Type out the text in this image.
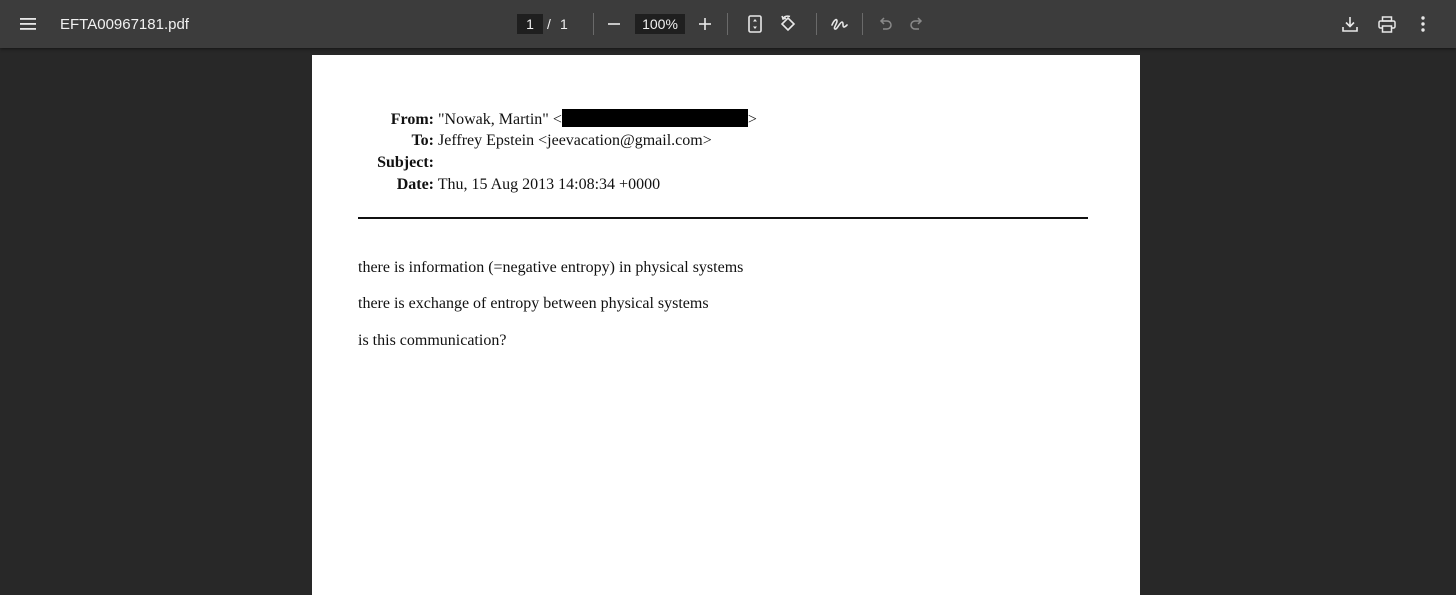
EFTA00967181.pdf	1 / 1	100%
From: "Nowak, Martin" <	>
To: Jeffrey Epstein <jeevacation@gmail.com>
Subject:
Date: Thu, 15 Aug 2013 14:08:34 +0000
there is information (=negative entropy) in physical systems
there is exchange of entropy between physical systems
is this communication?
